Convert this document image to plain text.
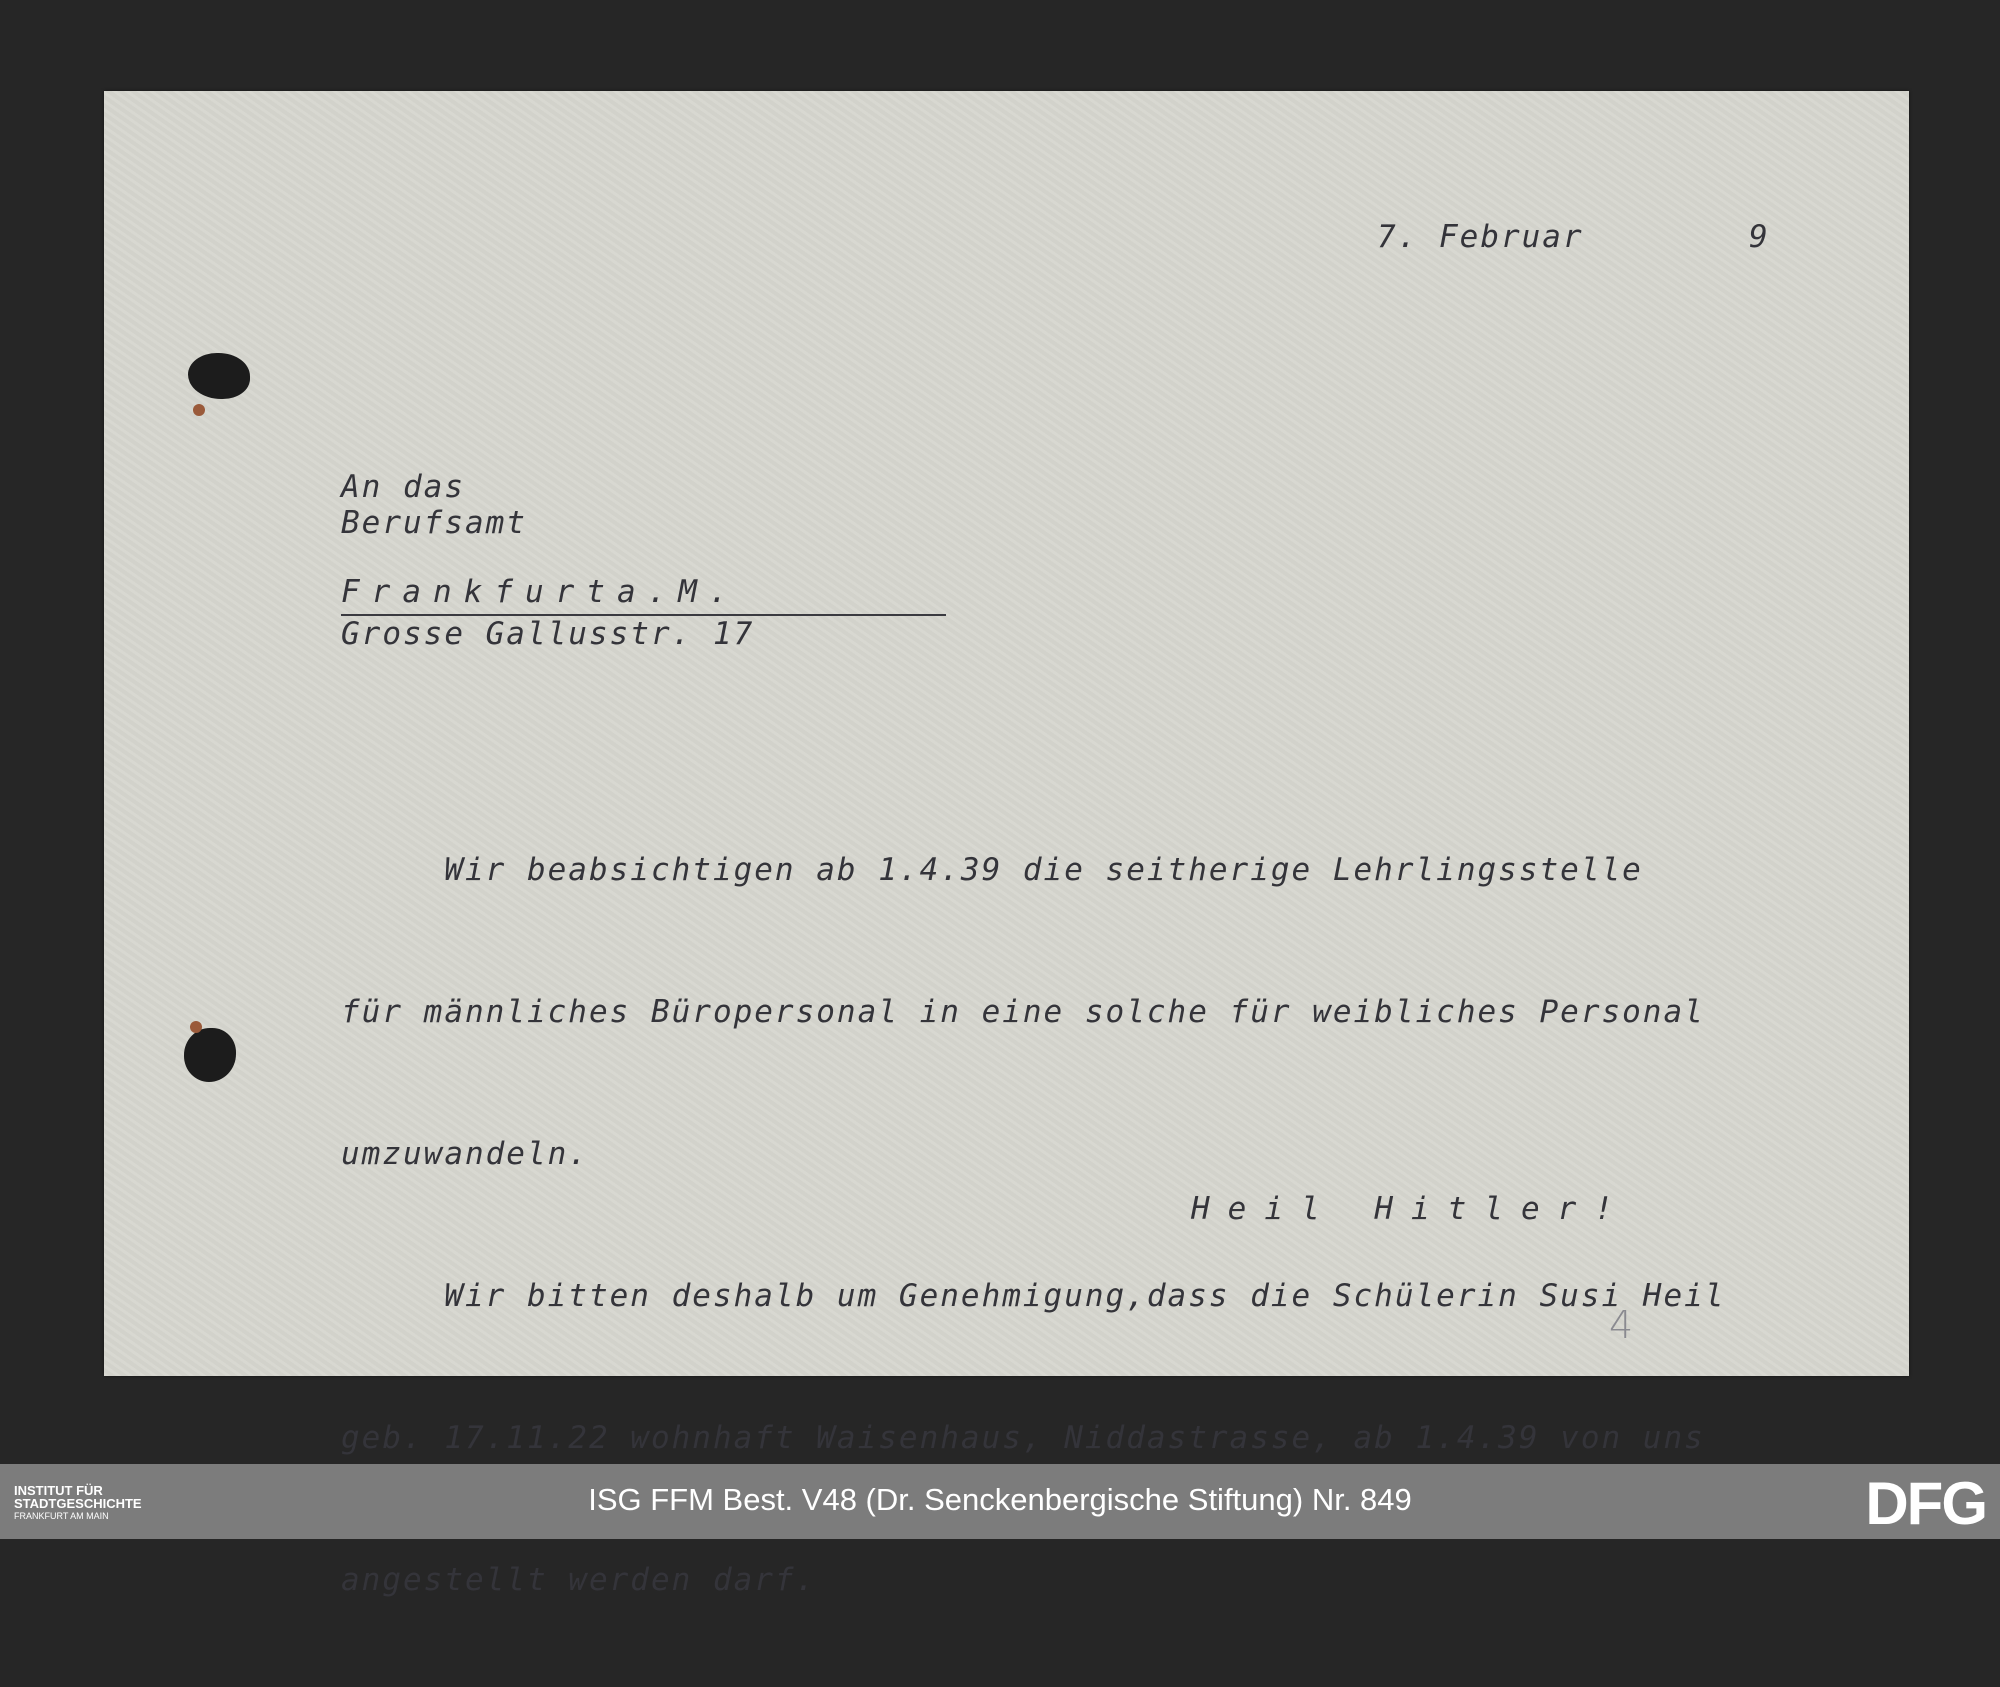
7. Februar        9
An das
Berufsamt
Frankfurta.M.
Grosse Gallusstr. 17

Wir beabsichtigen ab 1.4.39 die seitherige Lehrlingsstelle

für männliches Büropersonal in eine solche für weibliches Personal

umzuwandeln.

Wir bitten deshalb um Genehmigung,dass die Schülerin Susi Heil

geb. 17.11.22 wohnhaft Waisenhaus, Niddastrasse, ab 1.4.39 von uns

angestellt werden darf.

Heil Hitler!
4
INSTITUT FÜR
STADTGESCHICHTE
FRANKFURT AM MAIN	ISG FFM Best. V48 (Dr. Senckenbergische Stiftung) Nr. 849	DFG
